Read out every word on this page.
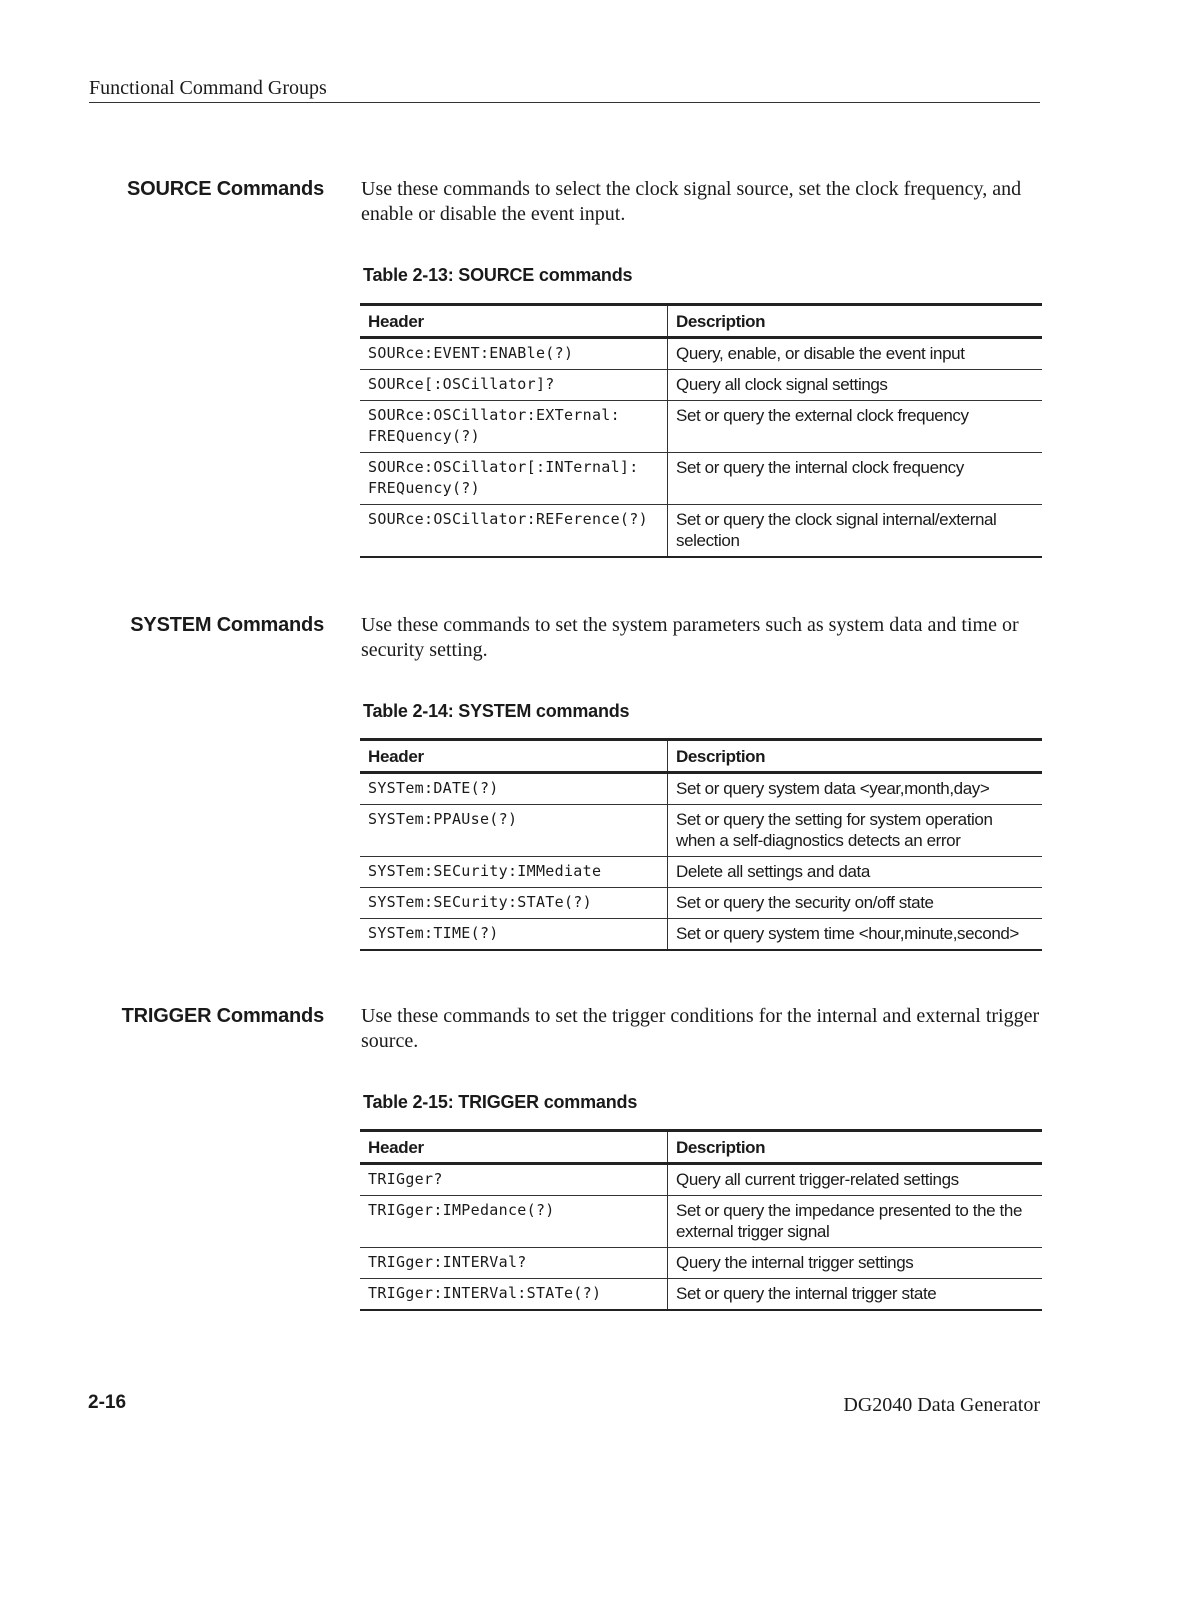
Functional Command Groups
SOURCE Commands Use these commands to select the clock signal source, set the clock frequency, and enable or disable the event input.
Table 2-13: SOURCE commands
Header	Description
SOURce:EVENT:ENABle(?)	Query, enable, or disable the event input
SOURce[:OSCillator]?	Query all clock signal settings
SOURce:OSCillator:EXTernal:
FREQuency(?)	Set or query the external clock frequency
SOURce:OSCillator[:INTernal]:
FREQuency(?)	Set or query the internal clock frequency
SOURce:OSCillator:REFerence(?)	Set or query the clock signal internal/external selection
SYSTEM Commands Use these commands to set the system parameters such as system data and time or security setting.
Table 2-14: SYSTEM commands
Header	Description
SYSTem:DATE(?)	Set or query system data <year,month,day>
SYSTem:PPAUse(?)	Set or query the setting for system operation when a self-diagnostics detects an error
SYSTem:SECurity:IMMediate	Delete all settings and data
SYSTem:SECurity:STATe(?)	Set or query the security on/off state
SYSTem:TIME(?)	Set or query system time <hour,minute,second>
TRIGGER Commands Use these commands to set the trigger conditions for the internal and external trigger source.
Table 2-15: TRIGGER commands
Header	Description
TRIGger?	Query all current trigger-related settings
TRIGger:IMPedance(?)	Set or query the impedance presented to the the external trigger signal
TRIGger:INTERVal?	Query the internal trigger settings
TRIGger:INTERVal:STATe(?)	Set or query the internal trigger state
2-16	DG2040 Data Generator
